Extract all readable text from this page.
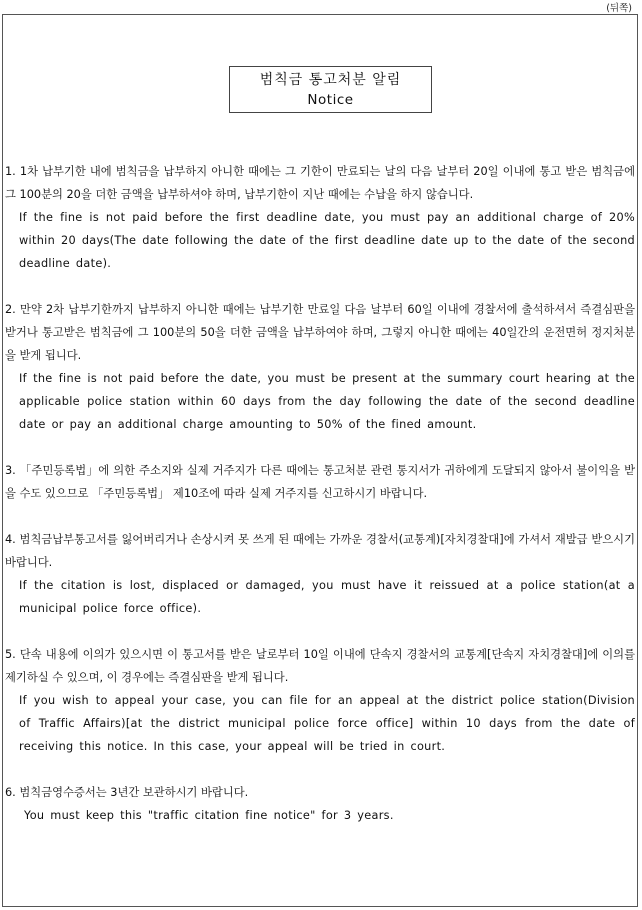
(뒤쪽)
범칙금 통고처분 알림
Notice
1. 1차 납부기한 내에 범칙금을 납부하지 아니한 때에는 그 기한이 만료되는 날의 다음 날부터 20일 이내에 통고 받은 범칙금에 그 100분의 20을 더한 금액을 납부하셔야 하며, 납부기한이 지난 때에는 수납을 하지 않습니다.
If the fine is not paid before the first deadline date, you must pay an additional charge of 20% within 20 days(The date following the date of the first deadline date up to the date of the second deadline date).
2. 만약 2차 납부기한까지 납부하지 아니한 때에는 납부기한 만료일 다음 날부터 60일 이내에 경찰서에 출석하셔서 즉결심판을 받거나 통고받은 범칙금에 그 100분의 50을 더한 금액을 납부하여야 하며, 그렇지 아니한 때에는 40일간의 운전면허 정지처분을 받게 됩니다.
If the fine is not paid before the date, you must be present at the summary court hearing at the applicable police station within 60 days from the day following the date of the second deadline date or pay an additional charge amounting to 50% of the fined amount.
3. 「주민등록법」에 의한 주소지와 실제 거주지가 다른 때에는 통고처분 관련 통지서가 귀하에게 도달되지 않아서 불이익을 받을 수도 있으므로 「주민등록법」 제10조에 따라 실제 거주지를 신고하시기 바랍니다.
4. 범칙금납부통고서를 잃어버리거나 손상시켜 못 쓰게 된 때에는 가까운 경찰서(교통계)[자치경찰대]에 가셔서 재발급 받으시기 바랍니다.
If the citation is lost, displaced or damaged, you must have it reissued at a police station(at a municipal police force office).
5. 단속 내용에 이의가 있으시면 이 통고서를 받은 날로부터 10일 이내에 단속지 경찰서의 교통계[단속지 자치경찰대]에 이의를 제기하실 수 있으며, 이 경우에는 즉결심판을 받게 됩니다.
If you wish to appeal your case, you can file for an appeal at the district police station(Division of Traffic Affairs)[at the district municipal police force office] within 10 days from the date of receiving this notice. In this case, your appeal will be tried in court.
6. 범칙금영수증서는 3년간 보관하시기 바랍니다.
You must keep this "traffic citation fine notice" for 3 years.
